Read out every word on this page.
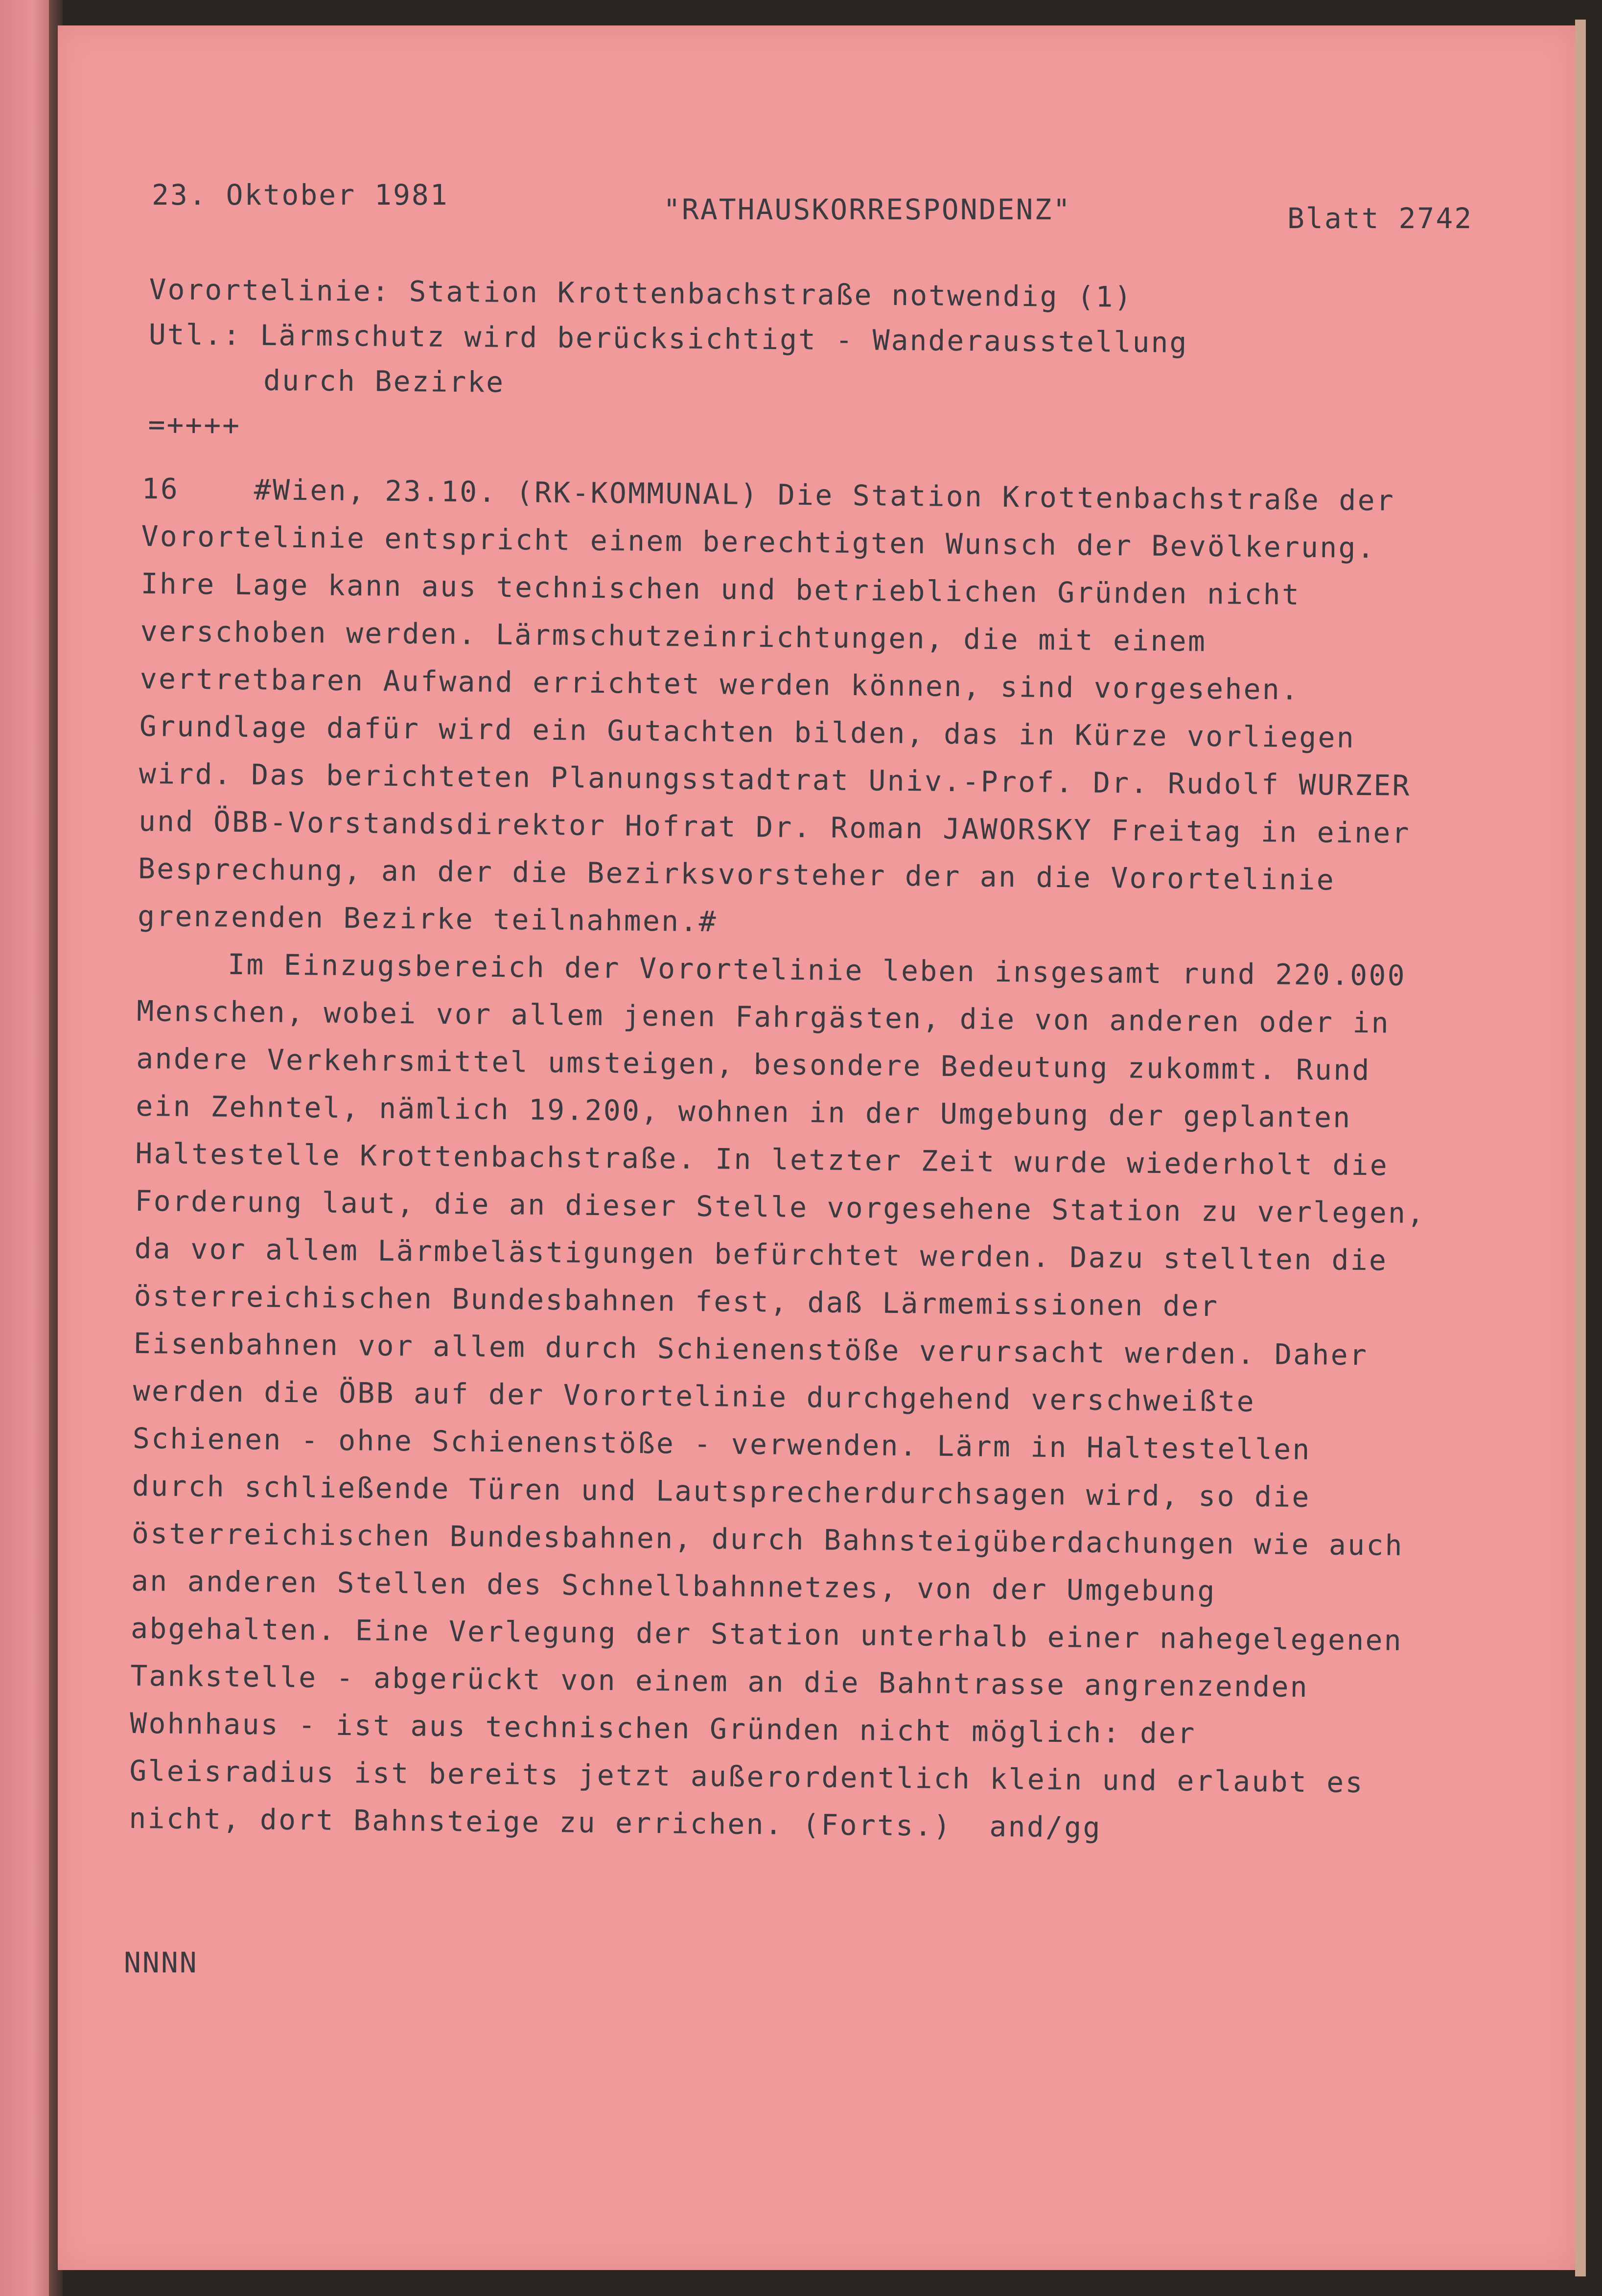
23. Oktober 1981	"RATHAUSKORRESPONDENZ"	Blatt 2742
Vorortelinie: Station Krottenbachstraße notwendig (1)
Utl.: Lärmschutz wird berücksichtigt - Wanderausstellung
durch Bezirke
=++++
16    #Wien, 23.10. (RK-KOMMUNAL) Die Station Krottenbachstraße der
Vorortelinie entspricht einem berechtigten Wunsch der Bevölkerung.
Ihre Lage kann aus technischen und betrieblichen Gründen nicht
verschoben werden. Lärmschutzeinrichtungen, die mit einem
vertretbaren Aufwand errichtet werden können, sind vorgesehen.
Grundlage dafür wird ein Gutachten bilden, das in Kürze vorliegen
wird. Das berichteten Planungsstadtrat Univ.-Prof. Dr. Rudolf WURZER
und ÖBB-Vorstandsdirektor Hofrat Dr. Roman JAWORSKY Freitag in einer
Besprechung, an der die Bezirksvorsteher der an die Vorortelinie
grenzenden Bezirke teilnahmen.#
Im Einzugsbereich der Vorortelinie leben insgesamt rund 220.000
Menschen, wobei vor allem jenen Fahrgästen, die von anderen oder in
andere Verkehrsmittel umsteigen, besondere Bedeutung zukommt. Rund
ein Zehntel, nämlich 19.200, wohnen in der Umgebung der geplanten
Haltestelle Krottenbachstraße. In letzter Zeit wurde wiederholt die
Forderung laut, die an dieser Stelle vorgesehene Station zu verlegen,
da vor allem Lärmbelästigungen befürchtet werden. Dazu stellten die
österreichischen Bundesbahnen fest, daß Lärmemissionen der
Eisenbahnen vor allem durch Schienenstöße verursacht werden. Daher
werden die ÖBB auf der Vorortelinie durchgehend verschweißte
Schienen - ohne Schienenstöße - verwenden. Lärm in Haltestellen
durch schließende Türen und Lautsprecherdurchsagen wird, so die
österreichischen Bundesbahnen, durch Bahnsteigüberdachungen wie auch
an anderen Stellen des Schnellbahnnetzes, von der Umgebung
abgehalten. Eine Verlegung der Station unterhalb einer nahegelegenen
Tankstelle - abgerückt von einem an die Bahntrasse angrenzenden
Wohnhaus - ist aus technischen Gründen nicht möglich: der
Gleisradius ist bereits jetzt außerordentlich klein und erlaubt es
nicht, dort Bahnsteige zu errichen. (Forts.)  and/gg
NNNN
